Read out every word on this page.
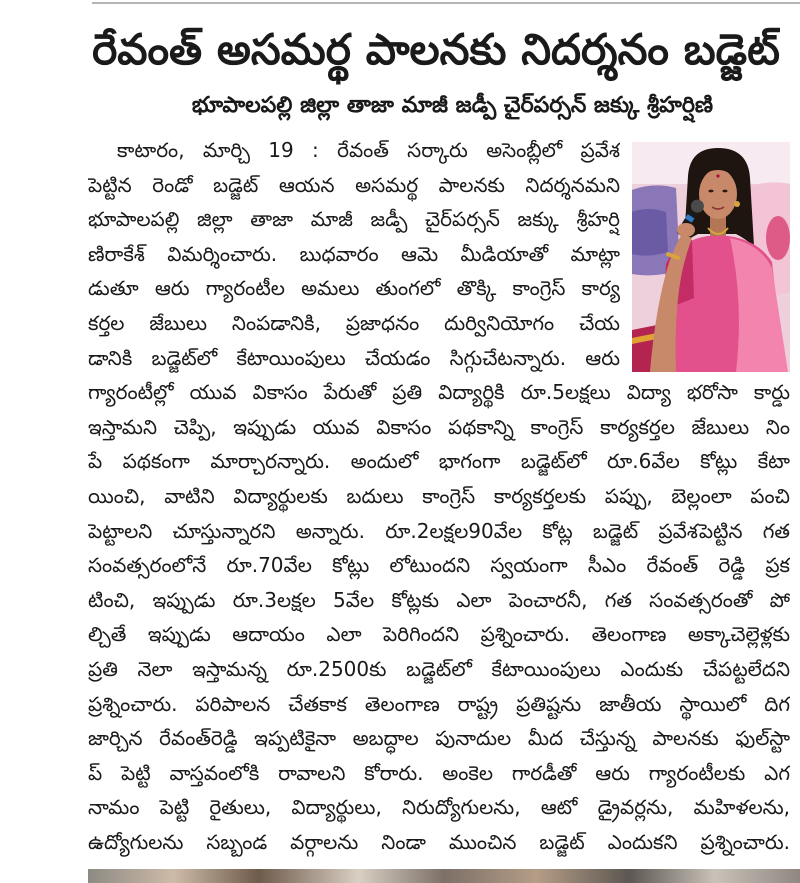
రేవంత్ అసమర్థ పాలనకు నిదర్శనం బడ్జెట్
భూపాలపల్లి జిల్లా తాజా మాజీ జడ్పీ చైర్‌పర్సన్ జక్కు శ్రీహర్షిణి
కాటారం, మార్చి 19 : రేవంత్ సర్కారు అసెంబ్లీలో ప్రవేశ
పెట్టిన రెండో బడ్జెట్ ఆయన అసమర్థ పాలనకు నిదర్శనమని
భూపాలపల్లి జిల్లా తాజా మాజీ జడ్పీ చైర్‌పర్సన్ జక్కు శ్రీహర్షి
ణిరాకేశ్ విమర్శించారు. బుధవారం ఆమె మీడియాతో మాట్లా
డుతూ ఆరు గ్యారంటీల అమలు తుంగలో తొక్కి కాంగ్రెస్ కార్య
కర్తల జేబులు నింపడానికి, ప్రజాధనం దుర్వినియోగం చేయ
డానికి బడ్జెట్‌లో కేటాయింపులు చేయడం సిగ్గుచేటన్నారు. ఆరు
గ్యారంటీల్లో యువ వికాసం పేరుతో ప్రతి విద్యార్థికి రూ.5లక్షలు విద్యా భరోసా కార్డు
ఇస్తామని చెప్పి, ఇప్పుడు యువ వికాసం పథకాన్ని కాంగ్రెస్ కార్యకర్తల జేబులు నిం
పే పథకంగా మార్చారన్నారు. అందులో భాగంగా బడ్జెట్‌లో రూ.6వేల కోట్లు కేటా
యించి, వాటిని విద్యార్థులకు బదులు కాంగ్రెస్ కార్యకర్తలకు పప్పు, బెల్లంలా పంచి
పెట్టాలని చూస్తున్నారని అన్నారు. రూ.2లక్షల90వేల కోట్ల బడ్జెట్ ప్రవేశపెట్టిన గత
సంవత్సరంలోనే రూ.70వేల కోట్లు లోటుందని స్వయంగా సీఎం రేవంత్ రెడ్డి ప్రక
టించి, ఇప్పుడు రూ.3లక్షల 5వేల కోట్లకు ఎలా పెంచారనీ, గత సంవత్సరంతో పో
ల్చితే ఇప్పుడు ఆదాయం ఎలా పెరిగిందని ప్రశ్నించారు. తెలంగాణ అక్కాచెల్లెళ్లకు
ప్రతి నెలా ఇస్తామన్న రూ.2500కు బడ్జెట్‌లో కేటాయింపులు ఎందుకు చేపట్టలేదని
ప్రశ్నించారు. పరిపాలన చేతకాక తెలంగాణ రాష్ట్ర ప్రతిష్టను జాతీయ స్థాయిలో దిగ
జార్చిన రేవంత్‌రెడ్డి ఇప్పటికైనా అబద్ధాల పునాదుల మీద చేస్తున్న పాలనకు ఫుల్‌స్టా
ప్ పెట్టి వాస్తవంలోకి రావాలని కోరారు. అంకెల గారడీతో ఆరు గ్యారంటీలకు ఎగ
నామం పెట్టి రైతులు, విద్యార్థులు, నిరుద్యోగులను, ఆటో డ్రైవర్లను, మహిళలను,
ఉద్యోగులను సబ్బండ వర్గాలను నిండా ముంచిన బడ్జెట్ ఎందుకని ప్రశ్నించారు.
